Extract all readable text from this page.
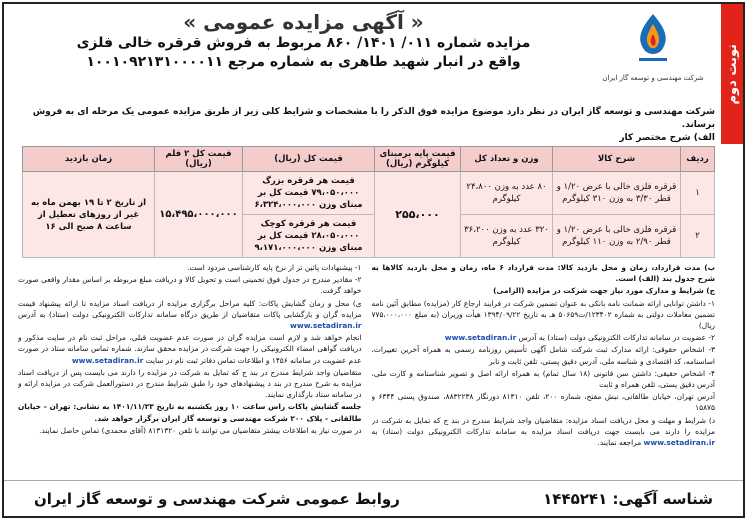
نوبت دوم
شرکت مهندسی و توسعه گاز ایران
« آگهی مزایده عمومی »
مزایده شماره ۰۱۱/ ۱۴۰۱/ ۸۶۰ مربوط به فروش قرقره خالی فلزی
واقع در انبار شهید طاهری به شماره مرجع ۱۰۰۱۰۹۲۱۳۱۰۰۰۰۱۱
شرکت مهندسی و توسعه گاز ایران در نظر دارد موضوع مزایده فوق الذکر را با مشخصات و شرایط کلی زیر از طریق مزایده عمومی یک مرحله ای به فروش برساند.
الف) شرح مختصر کار
ردیف	شرح کالا	وزن و تعداد کل	قیمت پایه برمبنای کیلوگرم (ریال)	قیمت کل (ریال)	قیمت کل ۲ قلم (ریال)	زمان بازدید
۱	قرقره فلزی خالی با عرض ۱/۲۰ و قطر ۳/۳۰ به وزن ۳۱۰ کیلوگرم	۸۰ عدد به وزن ۲۴،۸۰۰ کیلوگرم	۲۵۵،۰۰۰	قیمت هر قرقره بزرگ ۷۹،۰۵۰،۰۰۰ قیمت کل بر مبنای وزن ۶،۳۲۴،۰۰۰،۰۰۰	۱۵،۴۹۵،۰۰۰،۰۰۰	از تاریخ ۲ تا ۱۹ بهمن ماه به غیر از روزهای تعطیل از ساعت ۸ صبح الی ۱۶
۲	قرقره فلزی خالی با عرض ۱/۲۰ و قطر ۲/۹۰ به وزن ۱۱۰ کیلوگرم	۳۲۰ عدد به وزن ۳۶،۲۰۰ کیلوگرم		قیمت هر قرقره کوچک ۲۸،۰۵۰،۰۰۰ قیمت کل بر مبنای وزن ۹،۱۷۱،۰۰۰،۰۰۰		

ب) مدت قرارداد، زمان و محل بازدید کالا: مدت قرارداد ۶ ماه، زمان و محل بازدید کالاها به شرح جدول بند (الف) است.

ج) شرایط و مدارک مورد نیاز جهت شرکت در مزایده (الزامی)

۱- داشتن توانایی ارائه ضمانت نامه بانکی به عنوان تضمین شرکت در فرایند ارجاع کار (مزایده) مطابق آئین نامه تضمین معاملات دولتی به شماره ۱۲۳۴۰۲/ت۵۰۶۵۹ هـ به تاریخ ۱۳۹۴/۰۹/۲۲ هیأت وزیران (به مبلغ ۷۷۵،۰۰۰،۰۰۰ ریال)

۲- عضویت در سامانه تدارکات الکترونیکی دولت (ستاد) به آدرس www.setadiran.ir

۳- اشخاص حقوقی: ارائه مدارک ثبت شرکت شامل آگهی تأسیس روزنامه رسمی به همراه آخرین تغییرات، اساسنامه، کد اقتصادی و شناسه ملی، آدرس دقیق پستی، تلفن ثابت و تابر

۴- اشخاص حقیقی: داشتن سن قانونی (۱۸ سال تمام) به همراه ارائه اصل و تصویر شناسنامه و کارت ملی، آدرس دقیق پستی، تلفن همراه و ثابت

آدرس تهران، خیابان طالقانی، نبش مفتح، شماره ۲۰۰، تلفن ۸۱۳۱۰ دورنگار ۸۸۳۲۲۳۸، صندوق پستی ۶۳۴۴ و ۱۵۸۷۵

د) شرایط و مهلت و محل دریافت اسناد مزایده: متقاضیان واجد شرایط مندرج در بند ج که تمایل به شرکت در مزایده را دارند می بایست جهت دریافت اسناد مزایده به سامانه تدارکات الکترونیکی دولت (ستاد) به www.setadiran.ir مراجعه نمایند.

۱- پیشنهادات پائین تر از نرخ پایه کارشناسی مردود است.

۲- مقادیر مندرج در جدول فوق تخمینی است و تحویل کالا و دریافت مبلغ مربوطه بر اساس مقدار واقعی صورت خواهد گرفت.

ی) محل و زمان گشایش پاکات: کلیه مراحل برگزاری مزایده از دریافت اسناد مزایده تا ارائه پیشنهاد قیمت مزایده گران و بازگشایی پاکات متقاضیان از طریق درگاه سامانه تدارکات الکترونیکی دولت (ستاد) به آدرس www.setadiran.ir

انجام خواهد شد و لازم است مزایده گران در صورت عدم عضویت قبلی، مراحل ثبت نام در سایت مذکور و دریافت گواهی امضاء الکترونیکی را جهت شرکت در مزایده محقق سازند. شماره تماس سامانه ستاد در صورت عدم عضویت در سامانه ۱۴۵۶ و اطلاعات تماس دفاتر ثبت نام در سایت www.setadiran.ir

متقاضیان واجد شرایط مندرج در بند ج که تمایل به شرکت در مزایده را دارند می بایست پس از دریافت اسناد مزایده به شرح مندرج در بند د پیشنهادهای خود را طبق شرایط مندرج در دستورالعمل شرکت در مزایده ارائه و در سامانه ستاد بارگذاری نمایند.

جلسه گشایش پاکات راس ساعت ۱۰ روز یکشنبه به تاریخ ۱۴۰۱/۱۱/۲۳ به نشانی: تهران - خیابان طالقانی - پلاک ۲۰۰ شرکت مهندسی و توسعه گاز ایران برگزار خواهد شد.

در صورت نیاز به اطلاعات بیشتر متقاضیان می توانند با تلفن ۸۱۳۱۳۲۰ (آقای محمدی) تماس حاصل نمایند.

شناسه آگهی: ۱۴۴۵۲۴۱
روابط عمومی شرکت مهندسی و توسعه گاز ایران
